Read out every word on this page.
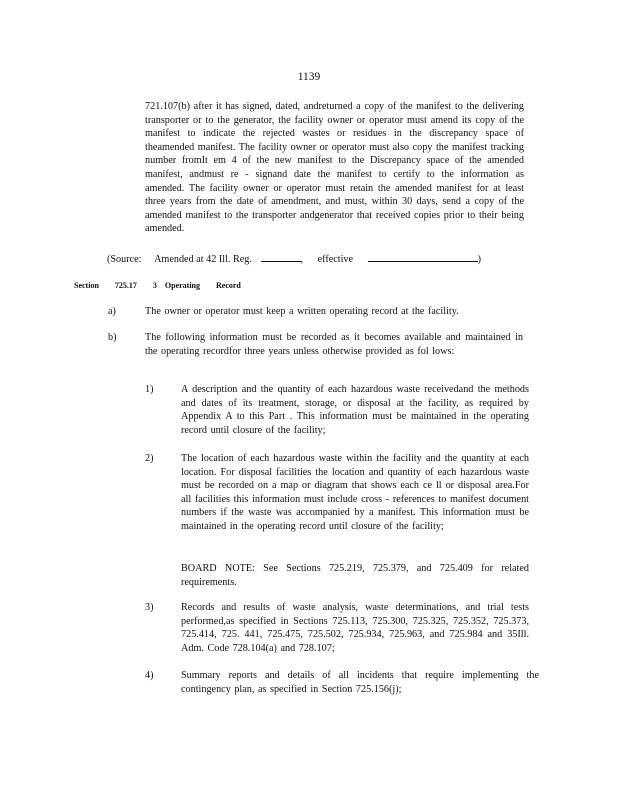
1139
721.107(b) after it has signed, dated, andreturned a copy of the manifest to the delivering transporter or to the generator, the facility owner or operator must amend its copy of the manifest to indicate the rejected wastes or residues in the discrepancy space of theamended manifest. The facility owner or operator must also copy the manifest tracking number fromIt em 4 of the new manifest to the Discrepancy space of the amended manifest, andmust re - signand date the manifest to certify to the information as amended. The facility owner or operator must retain the amended manifest for at least three years from the date of amendment, and must, within 30 days, send a copy of the amended manifest to the transporter andgenerator that received copies prior to their being amended.
(Source: Amended at 42 Ill. Reg.	, effective	)
Section 725.17 3 Operating Record
a)	The owner or operator must keep a written operating record at the facility.
b)	The following information must be recorded as it becomes available and maintained in the operating recordfor three years unless otherwise provided as fol lows:
1)	A description and the quantity of each hazardous waste receivedand the methods and dates of its treatment, storage, or disposal at the facility, as required by Appendix A to this Part . This information must be maintained in the operating record until closure of the facility;
2)	The location of each hazardous waste within the facility and the quantity at each location. For disposal facilities the location and quantity of each hazardous waste must be recorded on a map or diagram that shows each ce ll or disposal area.For all facilities this information must include cross - references to manifest document numbers if the waste was accompanied by a manifest. This information must be maintained in the operating record until closure of the facility;
BOARD NOTE: See Sections 725.219, 725.379, and 725.409 for related requirements.
3)	Records and results of waste analysis, waste determinations, and trial tests performed,as specified in Sections 725.113, 725.300, 725.325, 725.352, 725.373, 725.414, 725. 441, 725.475, 725.502, 725.934, 725.963, and 725.984 and 35Ill. Adm. Code 728.104(a) and 728.107;
4)	Summary reports and details of all incidents that require implementing the contingency plan, as specified in Section 725.156(j);
